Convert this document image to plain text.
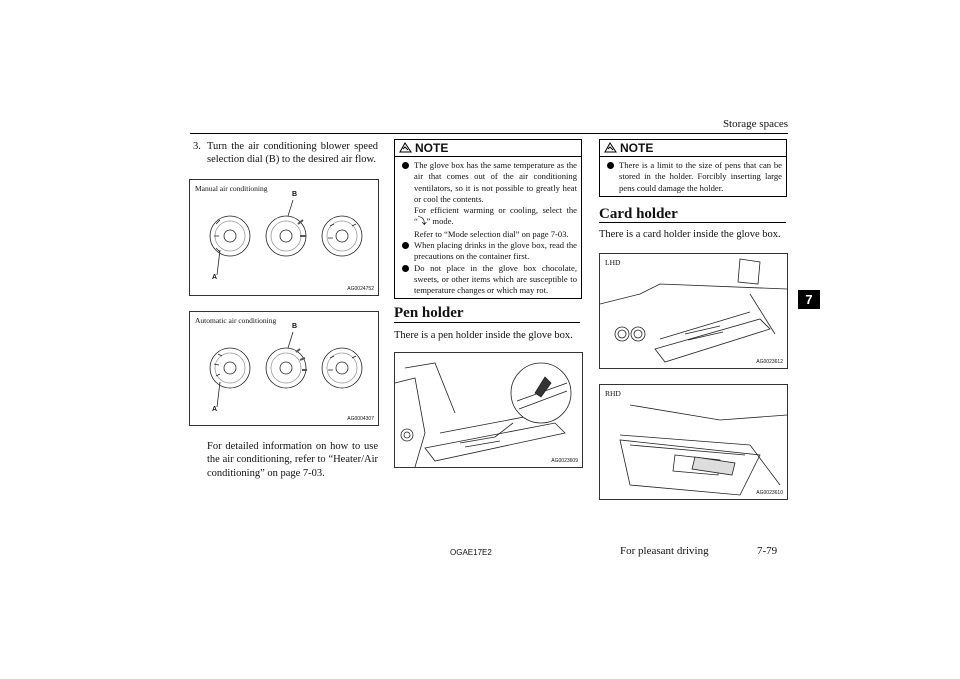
Storage spaces
7
3. Turn the air conditioning blower speed selection dial (B) to the desired air flow.
Manual air conditioning
A
B
AG0024752
Automatic air conditioning
A
B
AG0004307
For detailed information on how to use the air conditioning, refer to “Heater/Air conditioning” on page 7-03.
NOTE
The glove box has the same temperature as the air that comes out of the air conditioning ventilators, so it is not possible to greatly heat or cool the contents.
For efficient warming or cooling, select the “⤵” mode.
Refer to “Mode selection dial” on page 7-03.
When placing drinks in the glove box, read the precautions on the container first.
Do not place in the glove box chocolate, sweets, or other items which are susceptible to temperature changes or which may rot.
Pen holder
There is a pen holder inside the glove box.
AG0023609
NOTE
There is a limit to the size of pens that can be stored in the holder. Forcibly inserting large pens could damage the holder.
Card holder
There is a card holder inside the glove box.
LHD
AG0023612
RHD
AG0023610
OGAE17E2	For pleasant driving	7-79
